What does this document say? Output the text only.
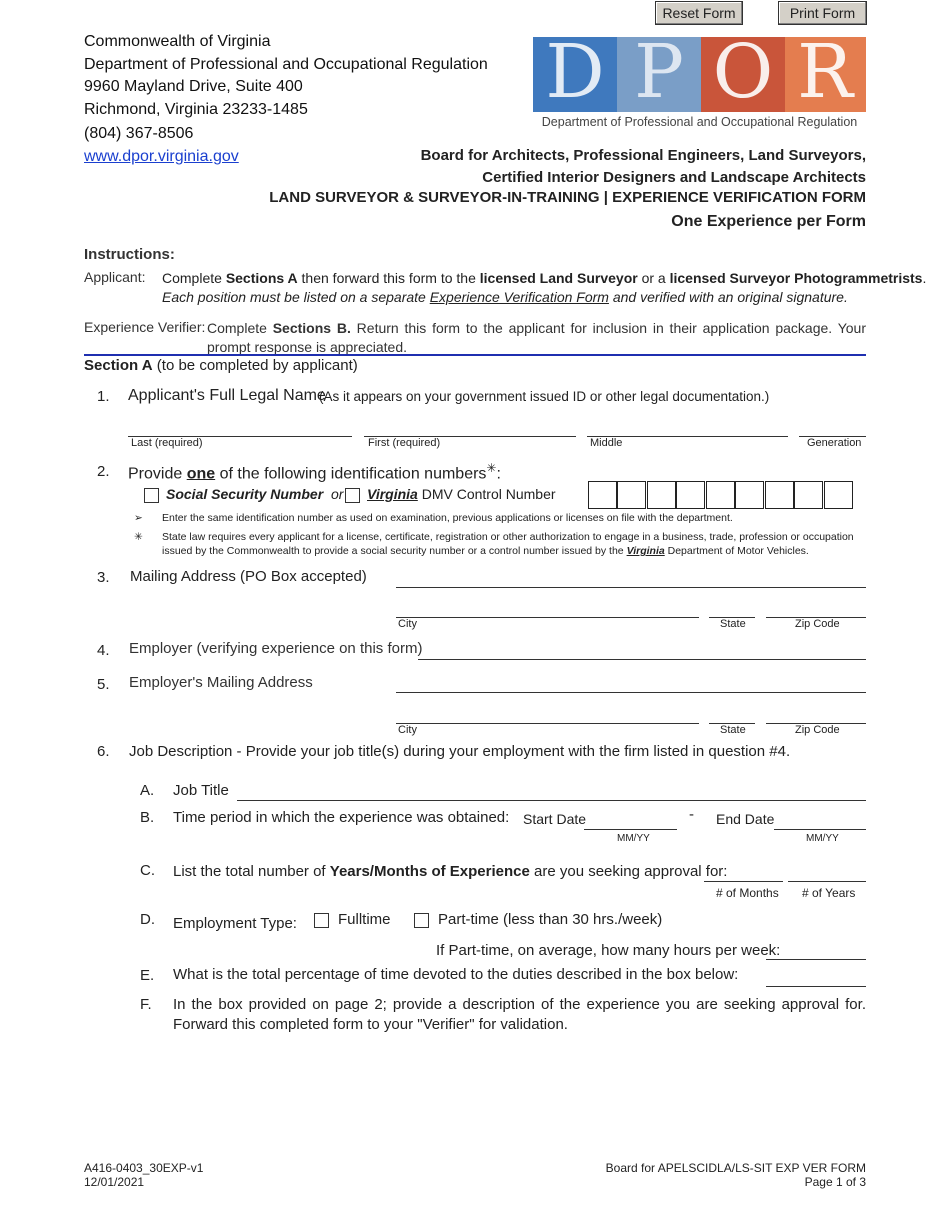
Reset Form	Print Form
Commonwealth of Virginia
Department of Professional and Occupational Regulation
9960 Mayland Drive, Suite 400
Richmond, Virginia 23233-1485
(804) 367-8506
www.dpor.virginia.gov
D P O R
Department of Professional and Occupational Regulation
Board for Architects, Professional Engineers, Land Surveyors,
Certified Interior Designers and Landscape Architects
LAND SURVEYOR & SURVEYOR-IN-TRAINING | EXPERIENCE VERIFICATION FORM
One Experience per Form
Instructions:
Applicant: Complete Sections A then forward this form to the licensed Land Surveyor or a licensed Surveyor Photogrammetrists.
Each position must be listed on a separate Experience Verification Form and verified with an original signature.
Experience Verifier: Complete Sections B. Return this form to the applicant for inclusion in their application package. Your prompt response is appreciated.
Section A (to be completed by applicant)
1. Applicant's Full Legal Name
(As it appears on your government issued ID or other legal documentation.)
Last (required)	First (required)	Middle	Generation
2. Provide one of the following identification numbers✳:
Social Security Number or Virginia DMV Control Number
➢ Enter the same identification number as used on examination, previous applications or licenses on file with the department.
✳ State law requires every applicant for a license, certificate, registration or other authorization to engage in a business, trade, profession or occupation issued by the Commonwealth to provide a social security number or a control number issued by the Virginia Department of Motor Vehicles.
3. Mailing Address (PO Box accepted)
City	State	Zip Code
4. Employer (verifying experience on this form)
5. Employer's Mailing Address
City	State	Zip Code
6. Job Description - Provide your job title(s) during your employment with the firm listed in question #4.
A. Job Title
B. Time period in which the experience was obtained: Start Date
MM/YY
- End Date
MM/YY
C. List the total number of Years/Months of Experience are you seeking approval for:
# of Months # of Years
D. Employment Type:	Fulltime	Part-time (less than 30 hrs./week)
If Part-time, on average, how many hours per week:
E. What is the total percentage of time devoted to the duties described in the box below:
F. In the box provided on page 2; provide a description of the experience you are seeking approval for. Forward this completed form to your "Verifier" for validation.
A416-0403_30EXP-v1
12/01/2021
Board for APELSCIDLA/LS-SIT EXP VER FORM
Page 1 of 3
